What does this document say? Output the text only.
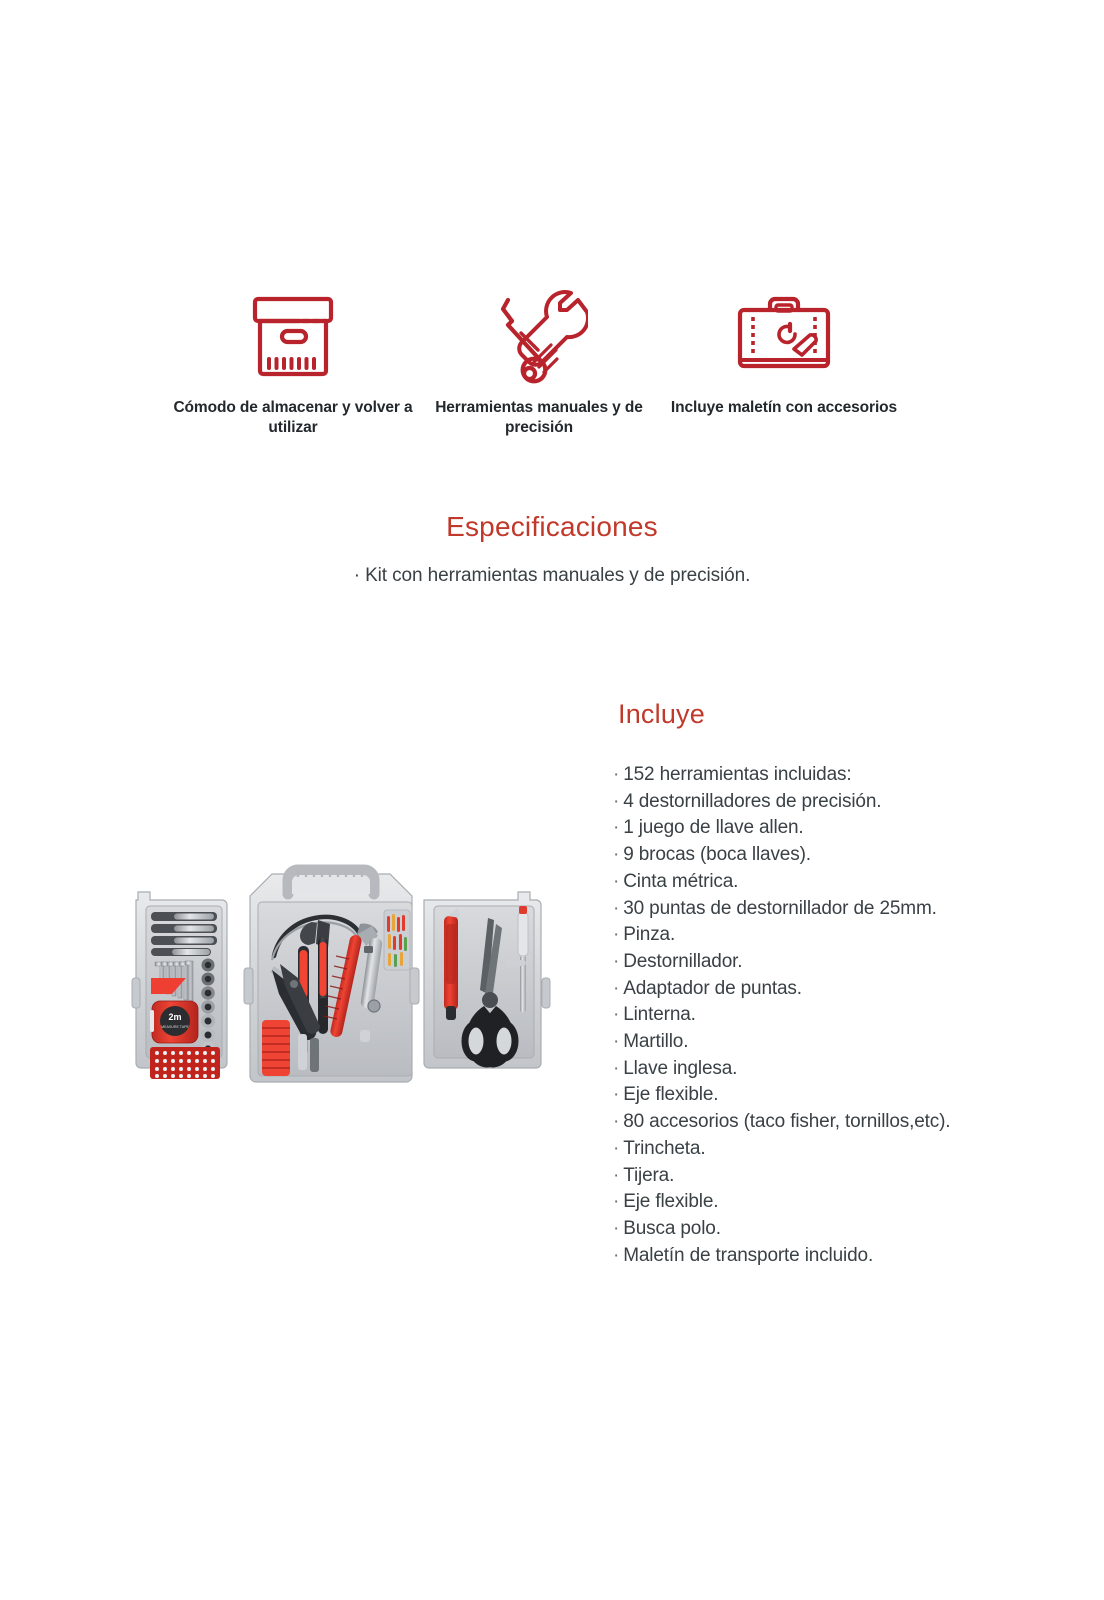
Cómodo de almacenar y volver a utilizar
Herramientas manuales y de precisión
Incluye maletín con accesorios
Especificaciones
· Kit con herramientas manuales y de precisión.
Incluye
· 152 herramientas incluidas:
· 4 destornilladores de precisión.
· 1 juego de llave allen.
· 9 brocas (boca llaves).
· Cinta métrica.
· 30 puntas de destornillador de 25mm.
· Pinza.
· Destornillador.
· Adaptador de puntas.
· Linterna.
· Martillo.
· Llave inglesa.
· Eje flexible.
· 80 accesorios (taco fisher, tornillos,etc).
· Trincheta.
· Tijera.
· Eje flexible.
· Busca polo.
· Maletín de transporte incluido.
2m
MEASURE TAPE
